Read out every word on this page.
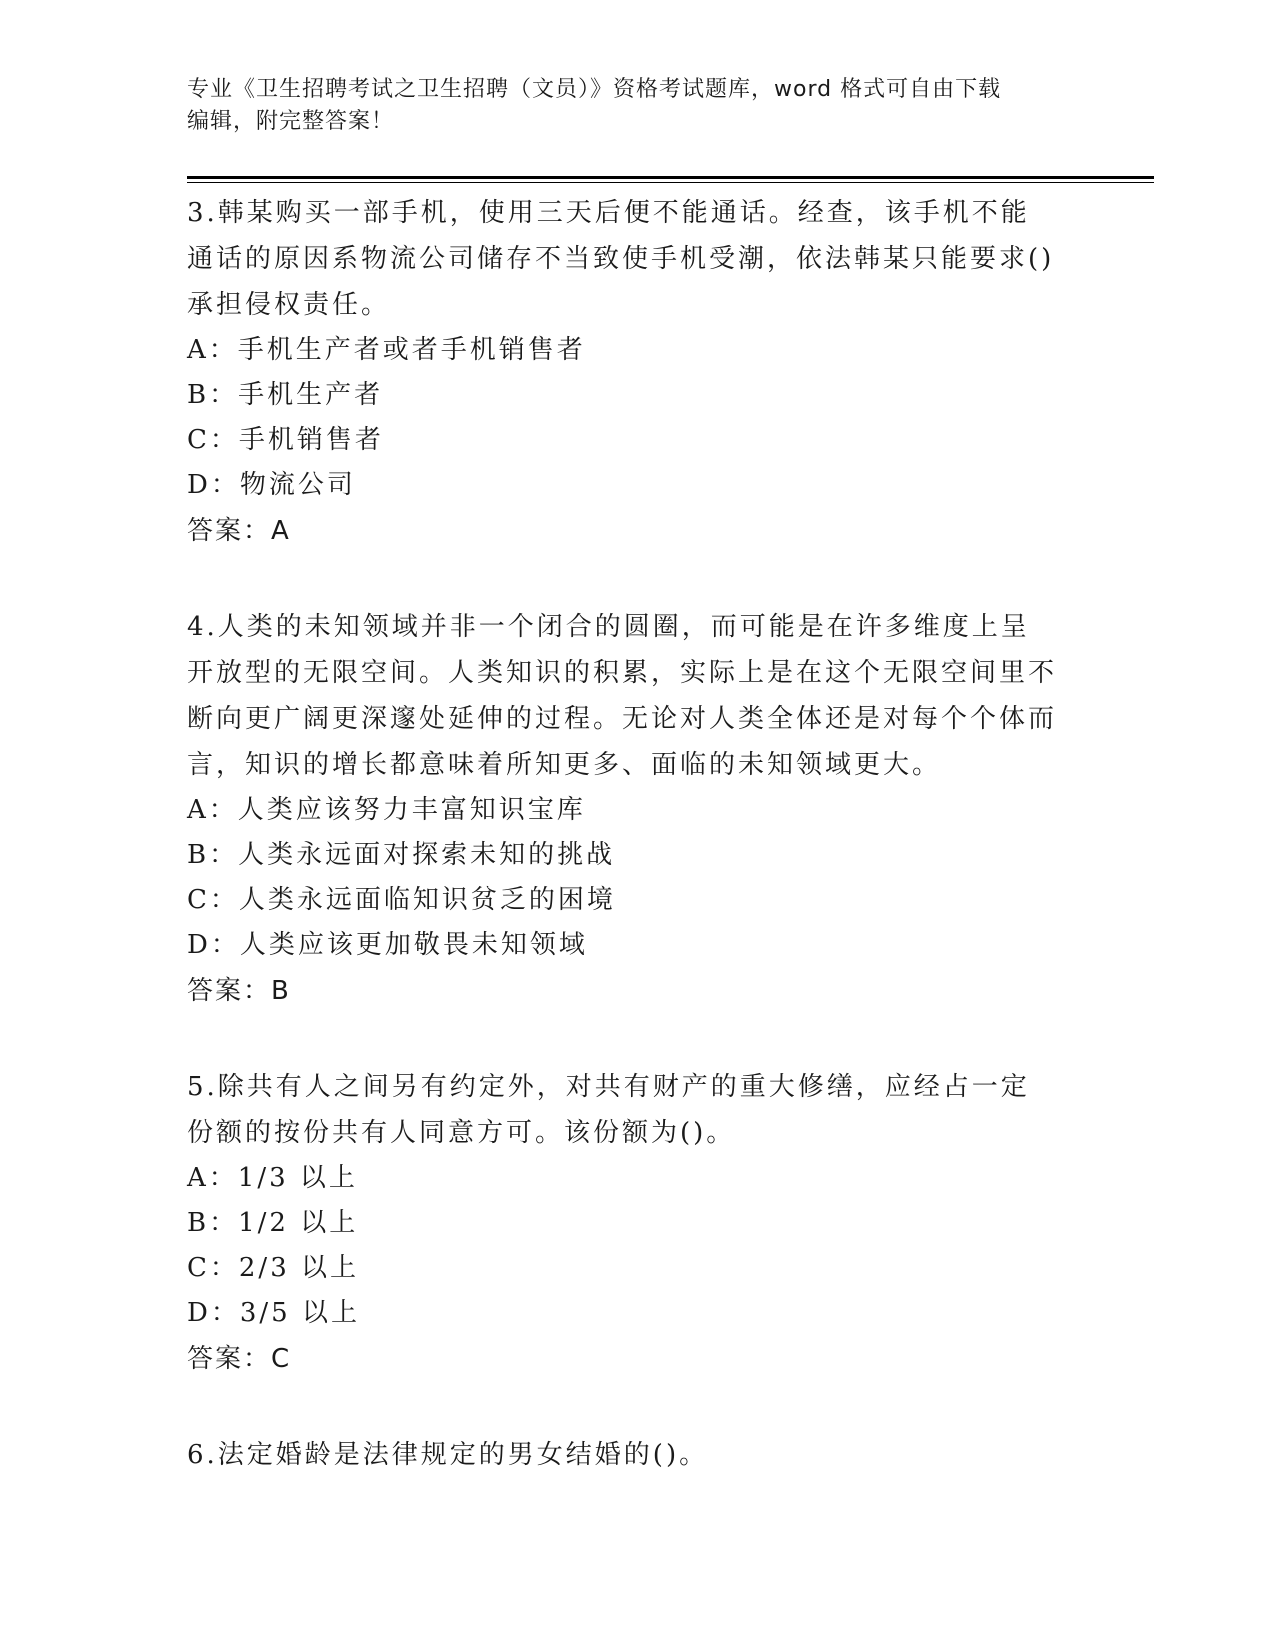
专业《卫生招聘考试之卫生招聘（文员）》资格考试题库，word 格式可自由下载
编辑，附完整答案！

3.韩某购买一部手机，使用三天后便不能通话。经查，该手机不能通话的原因系物流公司储存不当致使手机受潮，依法韩某只能要求()承担侵权责任。

A：手机生产者或者手机销售者

B：手机生产者

C：手机销售者

D：物流公司

答案：A

4.人类的未知领域并非一个闭合的圆圈，而可能是在许多维度上呈开放型的无限空间。人类知识的积累，实际上是在这个无限空间里不断向更广阔更深邃处延伸的过程。无论对人类全体还是对每个个体而言，知识的增长都意味着所知更多、面临的未知领域更大。

A：人类应该努力丰富知识宝库

B：人类永远面对探索未知的挑战

C：人类永远面临知识贫乏的困境

D：人类应该更加敬畏未知领域

答案：B

5.除共有人之间另有约定外，对共有财产的重大修缮，应经占一定份额的按份共有人同意方可。该份额为()。

A：1/3 以上

B：1/2 以上

C：2/3 以上

D：3/5 以上

答案：C

6.法定婚龄是法律规定的男女结婚的()。
